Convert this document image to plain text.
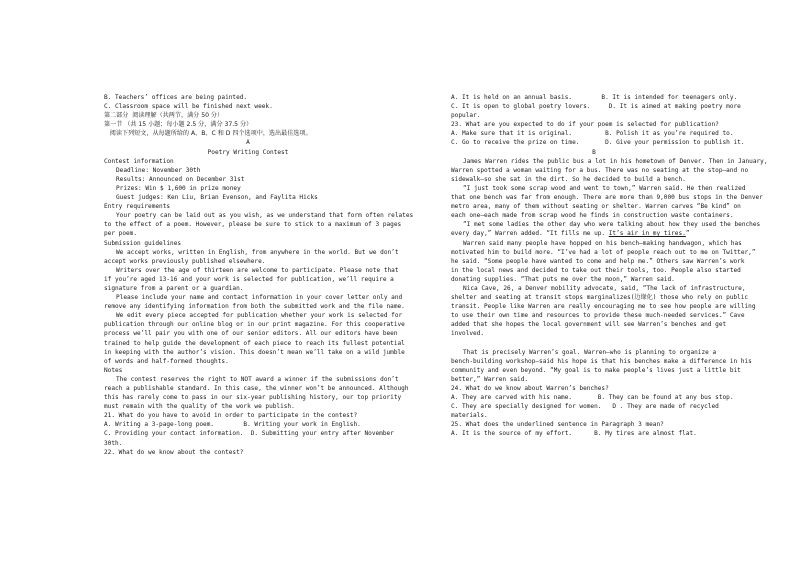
B. Teachers’ offices are being painted.
C. Classroom space will be finished next week.
第二部分  阅读理解（共两节，满分 50 分）
第一节 （共 15 小题；每小题 2.5 分，满分 37.5 分）
阅读下列短文，从每题所给的 A、B、C 和 D 四个选项中，选出最佳选项。
A
Poetry Writing Contest
Contest information
Deadline: November 30th
Results: Announced on December 31st
Prizes: Win $ 1,600 in prize money
Guest judges: Ken Liu, Brian Evenson, and Faylita Hicks
Entry requirements
Your poetry can be laid out as you wish, as we understand that form often relates
to the effect of a poem. However, please be sure to stick to a maximum of 3 pages
per poem.
Submission guidelines
We accept works, written in English, from anywhere in the world. But we don’t
accept works previously published elsewhere.
Writers over the age of thirteen are welcome to participate. Please note that
if you’re aged 13-16 and your work is selected for publication, we’ll require a
signature from a parent or a guardian.
Please include your name and contact information in your cover letter only and
remove any identifying information from both the submitted work and the file name.
We edit every piece accepted for publication whether your work is selected for
publication through our online blog or in our print magazine. For this cooperative
process we’ll pair you with one of our senior editors. All our editors have been
trained to help guide the development of each piece to reach its fullest potential
in keeping with the author’s vision. This doesn’t mean we’ll take on a wild jumble
of words and half-formed thoughts.
Notes
The contest reserves the right to NOT award a winner if the submissions don’t
reach a publishable standard. In this case, the winner won’t be announced. Although
this has rarely come to pass in our six-year publishing history, our top priority
must remain with the quality of the work we publish.
21. What do you have to avoid in order to participate in the contest?
A. Writing a 3-page-long poem.        B. Writing your work in English.
C. Providing your contact information.  D. Submitting your entry after November
30th.
22. What do we know about the contest?
A. It is held on an annual basis.        B. It is intended for teenagers only.
C. It is open to global poetry lovers.     D. It is aimed at making poetry more
popular.
23. What are you expected to do if your poem is selected for publication?
A. Make sure that it is original.         B. Polish it as you’re required to.
C. Go to receive the prize on time.       D. Give your permission to publish it.
B
James Warren rides the public bus a lot in his hometown of Denver. Then in January,
Warren spotted a woman waiting for a bus. There was no seating at the stop—and no
sidewalk—so she sat in the dirt. So he decided to build a bench.
“I just took some scrap wood and went to town,” Warren said. He then realized
that one bench was far from enough. There are more than 9,000 bus stops in the Denver
metro area, many of them without seating or shelter. Warren carves “Be kind” on
each one—each made from scrap wood he finds in construction waste containers.
“I met some ladies the other day who were talking about how they used the benches
every day,” Warren added. “It fills me up. It’s air in my tires.”
Warren said many people have hopped on his bench—making handwagon, which has
motivated him to build more. “I’ve had a lot of people reach out to me on Twitter,”
he said. “Some people have wanted to come and help me.” Others saw Warren’s work
in the local news and decided to take out their tools, too. People also started
donating supplies. “That puts me over the moon,” Warren said.
Nica Cave, 26, a Denver mobility advocate, said, “The lack of infrastructure,
shelter and seating at transit stops marginalizes(边缘化) those who rely on public
transit. People like Warren are really encouraging me to see how people are willing
to use their own time and resources to provide these much-needed services.” Cave
added that she hopes the local government will see Warren’s benches and get
involved.
That is precisely Warren’s goal. Warren—who is planning to organize a
bench-building workshop—said his hope is that his benches make a difference in his
community and even beyond. “My goal is to make people’s lives just a little bit
better,” Warren said.
24. What do we know about Warren’s benches?
A. They are carved with his name.       B. They can be found at any bus stop.
C. They are specially designed for women.   D . They are made of recycled
materials.
25. What does the underlined sentence in Paragraph 3 mean?
A. It is the source of my effort.      B. My tires are almost flat.
